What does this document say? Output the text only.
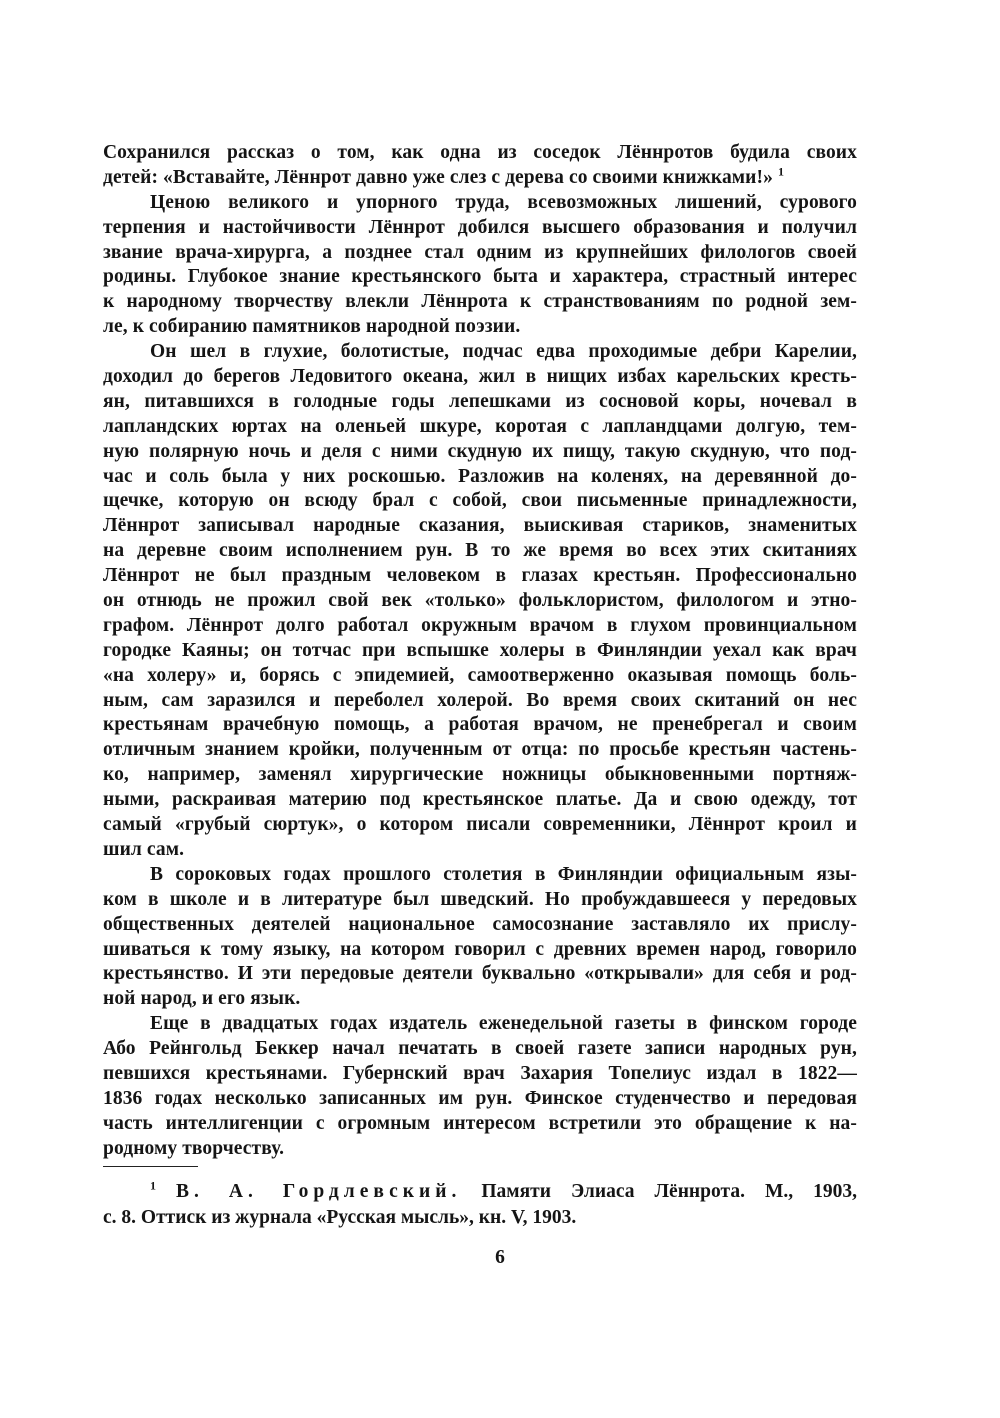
Сохранился рассказ о том, как одна из соседок Лённротов будила своих
детей: «Вставайте, Лённрот давно уже слез с дерева со своими книжками!» $^1$
Ценою великого и упорного труда, всевозможных лишений, сурового
терпения и настойчивости Лённрот добился высшего образования и получил
звание врача-хирурга, а позднее стал одним из крупнейших филологов своей
родины. Глубокое знание крестьянского быта и характера, страстный интерес
к народному творчеству влекли Лённрота к странствованиям по родной зем-
ле, к собиранию памятников народной поэзии.
Он шел в глухие, болотистые, подчас едва проходимые дебри Карелии,
доходил до берегов Ледовитого океана, жил в нищих избах карельских кресть-
ян, питавшихся в голодные годы лепешками из сосновой коры, ночевал в
лапландских юртах на оленьей шкуре, коротая с лапландцами долгую, тем-
ную полярную ночь и деля с ними скудную их пищу, такую скудную, что под-
час и соль была у них роскошью. Разложив на коленях, на деревянной до-
щечке, которую он всюду брал с собой, свои письменные принадлежности,
Лённрот записывал народные сказания, выискивая стариков, знаменитых
на деревне своим исполнением рун. В то же время во всех этих скитаниях
Лённрот не был праздным человеком в глазах крестьян. Профессионально
он отнюдь не прожил свой век «только» фольклористом, филологом и этно-
графом. Лённрот долго работал окружным врачом в глухом провинциальном
городке Каяны; он тотчас при вспышке холеры в Финляндии уехал как врач
«на холеру» и, борясь с эпидемией, самоотверженно оказывая помощь боль-
ным, сам заразился и переболел холерой. Во время своих скитаний он нес
крестьянам врачебную помощь, а работая врачом, не пренебрегал и своим
отличным знанием кройки, полученным от отца: по просьбе крестьян частень-
ко, например, заменял хирургические ножницы обыкновенными портняж-
ными, раскраивая материю под крестьянское платье. Да и свою одежду, тот
самый «грубый сюртук», о котором писали современники, Лённрот кроил и
шил сам.
В сороковых годах прошлого столетия в Финляндии официальным язы-
ком в школе и в литературе был шведский. Но пробуждавшееся у передовых
общественных деятелей национальное самосознание заставляло их прислу-
шиваться к тому языку, на котором говорил с древних времен народ, говорило
крестьянство. И эти передовые деятели буквально «открывали» для себя и род-
ной народ, и его язык.
Еще в двадцатых годах издатель еженедельной газеты в финском городе
Або Рейнгольд Беккер начал печатать в своей газете записи народных рун,
певшихся крестьянами. Губернский врач Захария Топелиус издал в 1822—
1836 годах несколько записанных им рун. Финское студенчество и передовая
часть интеллигенции с огромным интересом встретили это обращение к на-
родному творчеству.
$^1$ В. А. Гордлевский. Памяти Элиаса Лённрота. М., 1903,
с. 8. Оттиск из журнала «Русская мысль», кн. V, 1903.
6
